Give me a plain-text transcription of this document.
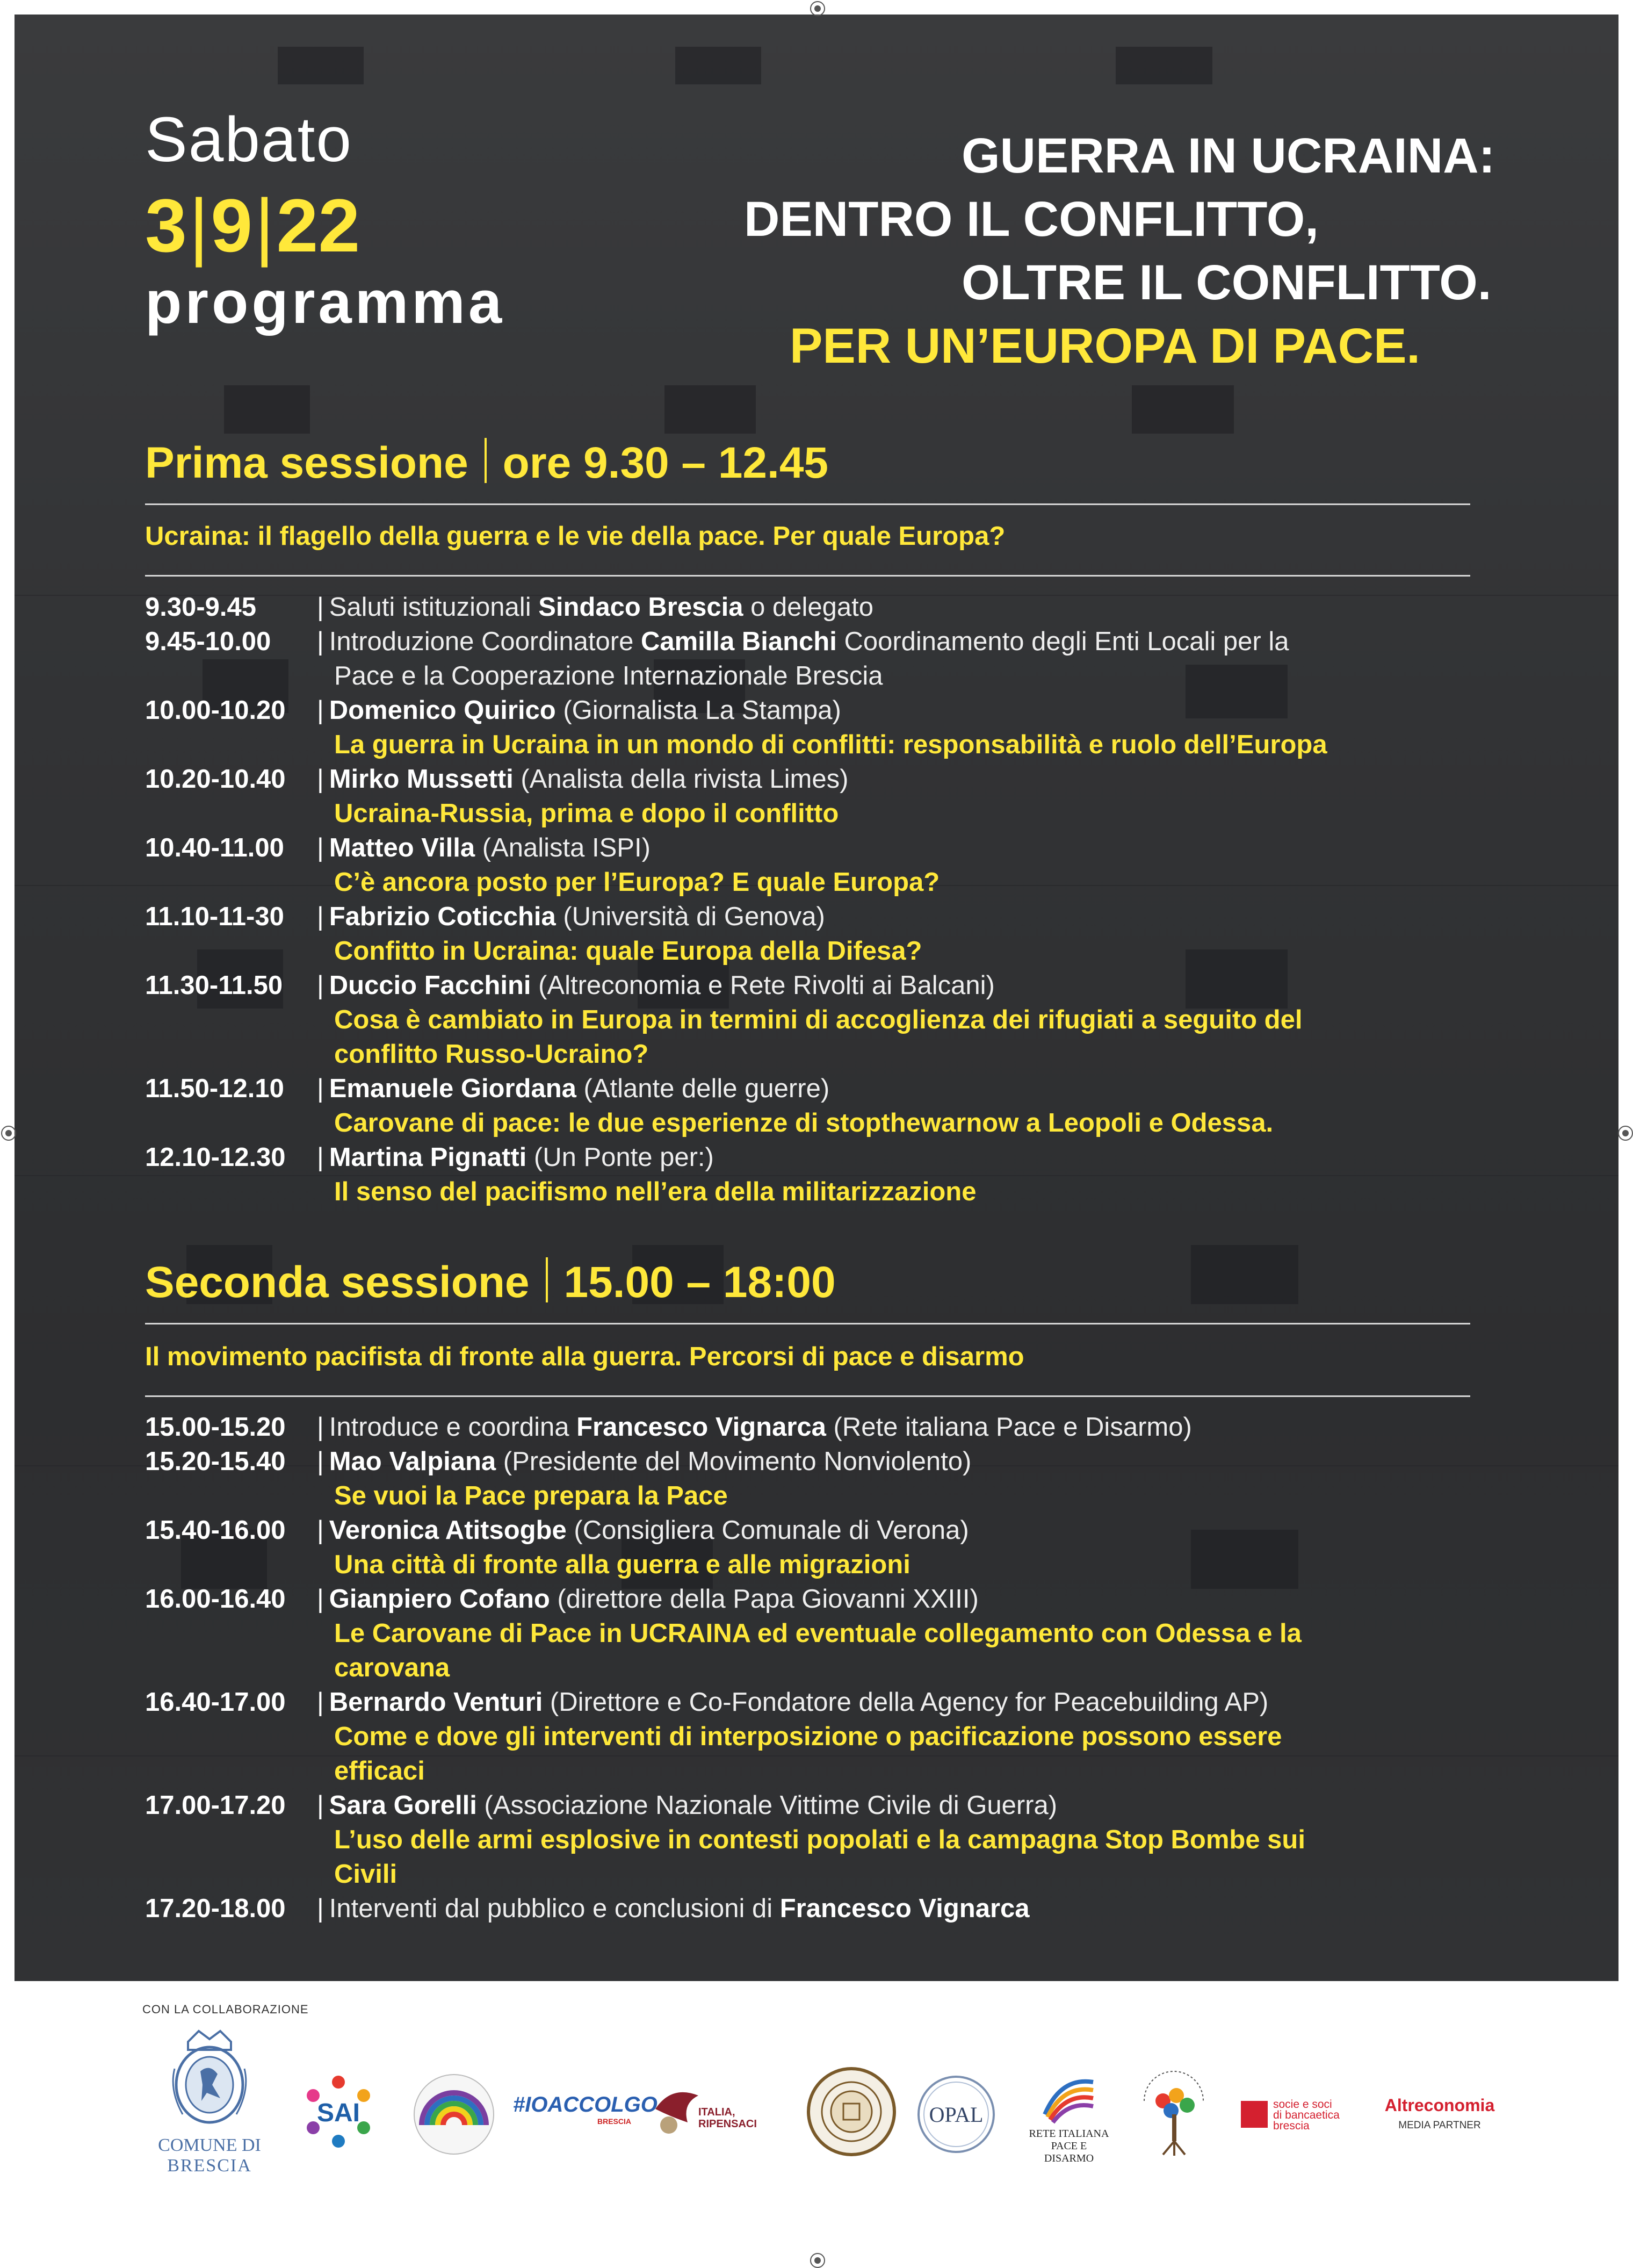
Sabato
3|9|22
programma
GUERRA IN UCRAINA:
DENTRO IL CONFLITTO,
OLTRE IL CONFLITTO.
PER UN’EUROPA DI PACE.
Prima sessione ore 9.30 – 12.45
Ucraina: il flagello della guerra e le vie della pace. Per quale Europa?
9.30-9.45 | Saluti istituzionali Sindaco Brescia o delegato
9.45-10.00 | Introduzione Coordinatore Camilla Bianchi Coordinamento degli Enti Locali per la
Pace e la Cooperazione Internazionale Brescia
10.00-10.20 | Domenico Quirico (Giornalista La Stampa)
La guerra in Ucraina in un mondo di conflitti: responsabilità e ruolo dell’Europa
10.20-10.40 | Mirko Mussetti (Analista della rivista Limes)
Ucraina-Russia, prima e dopo il conflitto
10.40-11.00 | Matteo Villa (Analista ISPI)
C’è ancora posto per l’Europa? E quale Europa?
11.10-11-30 | Fabrizio Coticchia (Università di Genova)
Confitto in Ucraina: quale Europa della Difesa?
11.30-11.50 | Duccio Facchini (Altreconomia e Rete Rivolti ai Balcani)
Cosa è cambiato in Europa in termini di accoglienza dei rifugiati a seguito del
conflitto Russo-Ucraino?
11.50-12.10 | Emanuele Giordana (Atlante delle guerre)
Carovane di pace: le due esperienze di stopthewarnow a Leopoli e Odessa.
12.10-12.30 | Martina Pignatti (Un Ponte per:)
Il senso del pacifismo nell’era della militarizzazione
Seconda sessione 15.00 – 18:00
Il movimento pacifista di fronte alla guerra. Percorsi di pace e disarmo
15.00-15.20 | Introduce e coordina Francesco Vignarca (Rete italiana Pace e Disarmo)
15.20-15.40 | Mao Valpiana (Presidente del Movimento Nonviolento)
Se vuoi la Pace prepara la Pace
15.40-16.00 | Veronica Atitsogbe (Consigliera Comunale di Verona)
Una città di fronte alla guerra e alle migrazioni
16.00-16.40 | Gianpiero Cofano (direttore della Papa Giovanni XXIII)
Le Carovane di Pace in UCRAINA ed eventuale collegamento con Odessa e la
carovana
16.40-17.00 | Bernardo Venturi (Direttore e Co-Fondatore della Agency for Peacebuilding AP)
Come e dove gli interventi di interposizione o pacificazione possono essere
efficaci
17.00-17.20 | Sara Gorelli (Associazione Nazionale Vittime Civile di Guerra)
L’uso delle armi esplosive in contesti popolati e la campagna Stop Bombe sui
Civili
17.20-18.00 | Interventi dal pubblico e conclusioni di Francesco Vignarca
CON LA COLLABORAZIONE
COMUNE DI
BRESCIA
SAI	#IOACCOLGO
BRESCIA
ITALIA, RIPENSACI	OPAL
RETE ITALIANA
PACE E DISARMO
socie e soci
di bancaetica
brescia
Altreconomia
MEDIA PARTNER
